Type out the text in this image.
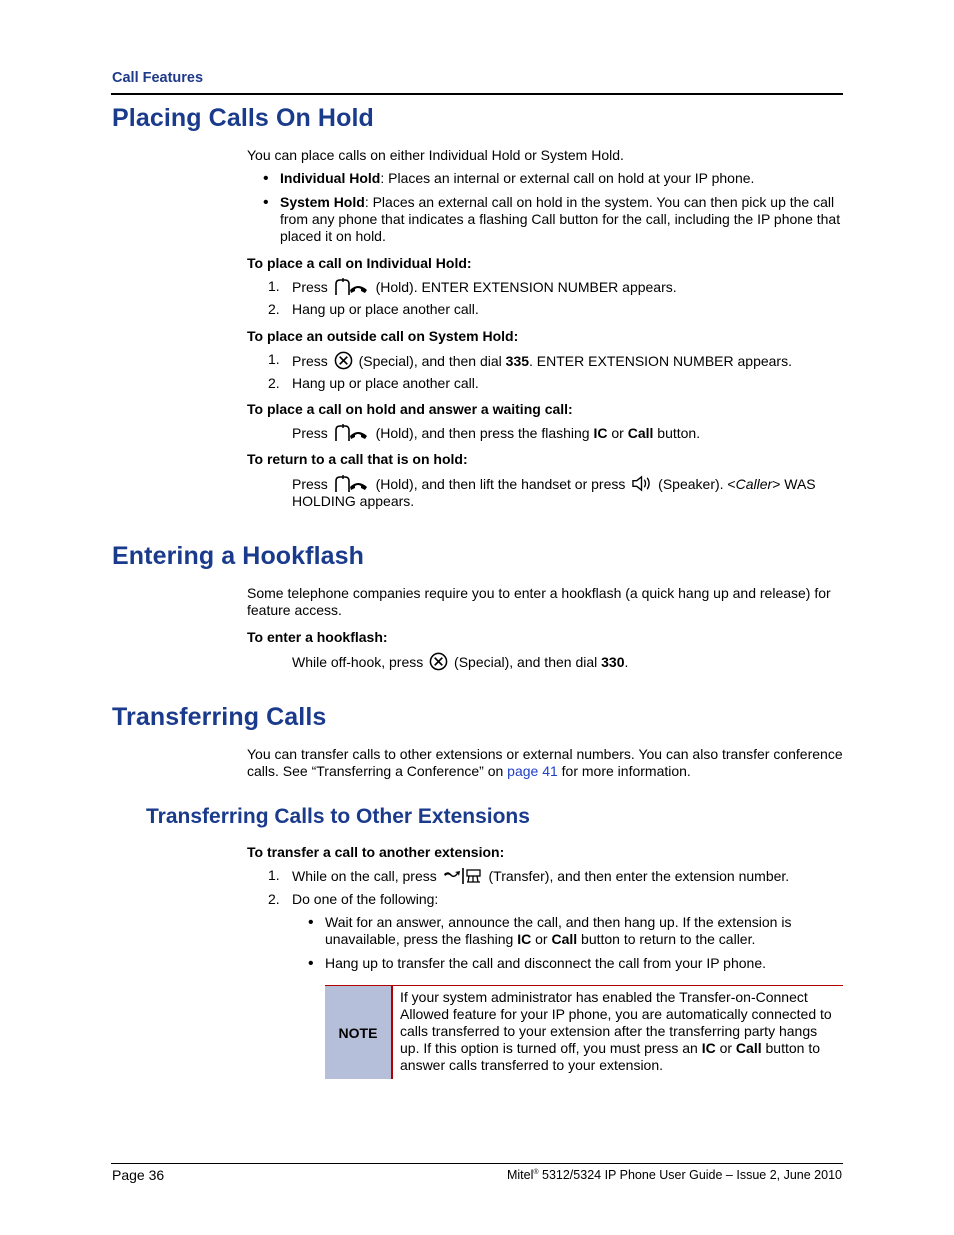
Call Features
Placing Calls On Hold
You can place calls on either Individual Hold or System Hold.
• Individual Hold: Places an internal or external call on hold at your IP phone.
• System Hold: Places an external call on hold in the system. You can then pick up the call from any phone that indicates a flashing Call button for the call, including the IP phone that placed it on hold.
To place a call on Individual Hold:
1. Press	(Hold). ENTER EXTENSION NUMBER appears.
2. Hang up or place another call.
To place an outside call on System Hold:
1. Press (Special), and then dial 335. ENTER EXTENSION NUMBER appears.
2. Hang up or place another call.
To place a call on hold and answer a waiting call:
Press	(Hold), and then press the flashing IC or Call button.
To return to a call that is on hold:
Press	(Hold), and then lift the handset or press (Speaker). <Caller> WAS HOLDING appears.
Entering a Hookflash
Some telephone companies require you to enter a hookflash (a quick hang up and release) for feature access.
To enter a hookflash:
While off-hook, press (Special), and then dial 330.
Transferring Calls
You can transfer calls to other extensions or external numbers. You can also transfer conference calls. See “Transferring a Conference” on page 41 for more information.
Transferring Calls to Other Extensions
To transfer a call to another extension:
1. While on the call, press	(Transfer), and then enter the extension number.
2. Do one of the following:
• Wait for an answer, announce the call, and then hang up. If the extension is unavailable, press the flashing IC or Call button to return to the caller.
• Hang up to transfer the call and disconnect the call from your IP phone.
NOTE
If your system administrator has enabled the Transfer-on-Connect Allowed feature for your IP phone, you are automatically connected to calls transferred to your extension after the transferring party hangs up. If this option is turned off, you must press an IC or Call button to answer calls transferred to your extension.
Page 36	Mitel® 5312/5324 IP Phone User Guide – Issue 2, June 2010
